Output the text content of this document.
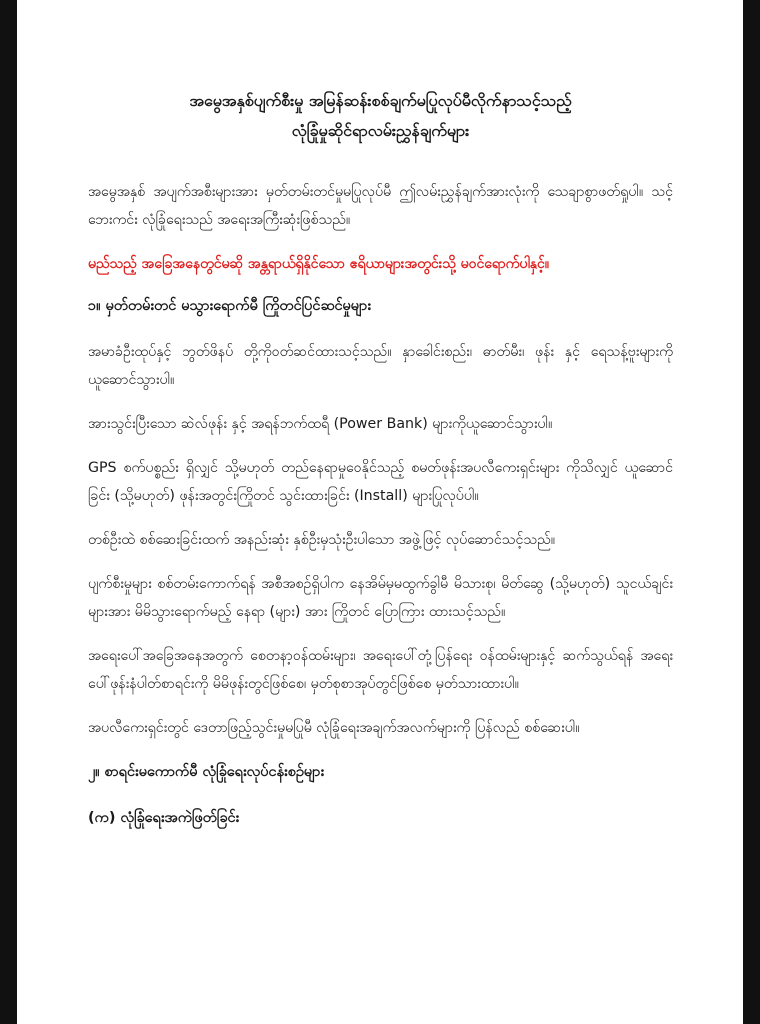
အမွေအနှစ်ပျက်စီးမှု အမြန်ဆန်းစစ်ချက်မပြုလုပ်မီလိုက်နာသင့်သည့်
လုံခြုံမှုဆိုင်ရာလမ်းညွှန်ချက်များ

အမွေအနှစ် အပျက်အစီးများအား မှတ်တမ်းတင်မှုမပြုလုပ်မီ ဤလမ်းညွှန်ချက်အားလုံးကို သေချာစွာဖတ်ရှုပါ။ သင့်ဘေးကင်း လုံခြုံရေးသည် အရေးအကြီးဆုံးဖြစ်သည်။

မည်သည့် အခြေအနေတွင်မဆို အန္တရာယ်ရှိနိုင်သော ဧရိယာများအတွင်းသို့ မဝင်ရောက်ပါနှင့်။

၁။ မှတ်တမ်းတင် မသွားရောက်မီ ကြိုတင်ပြင်ဆင်မှုများ

အမာခံဦးထုပ်နှင့် ဘွတ်ဖိနပ် တို့ကိုဝတ်ဆင်ထားသင့်သည်။ နှာခေါင်းစည်း၊ ဓာတ်မီး၊ ဖုန်း နှင့် ရေသန့်ဗူးများကို ယူဆောင်သွားပါ။

အားသွင်းပြီးသော ဆဲလ်ဖုန်း နှင့် အရန်ဘက်ထရီ (Power Bank) များကိုယူဆောင်သွားပါ။

GPS စက်ပစ္စည်း ရှိလျှင် သို့မဟုတ် တည်နေရာမှုဝေနိုင်သည့် စမတ်ဖုန်းအပလီကေးရှင်းများ ကိုသိလျှင် ယူဆောင်ခြင်း (သို့မဟုတ်) ဖုန်းအတွင်းကြိုတင် သွင်းထားခြင်း (Install) များပြုလုပ်ပါ။

တစ်ဦးထဲ စစ်ဆေးခြင်းထက် အနည်းဆုံး နှစ်ဦးမှသုံးဦးပါသော အဖွဲ့ဖြင့် လုပ်ဆောင်သင့်သည်။

ပျက်စီးမှုများ စစ်တမ်းကောက်ရန် အစီအစဉ်ရှိပါက နေအိမ်မှမထွက်ခွါမီ မိသားစု၊ မိတ်ဆွေ (သို့မဟုတ်) သူငယ်ချင်းများအား မိမိသွားရောက်မည့် နေရာ (များ) အား ကြိုတင် ပြောကြား ထားသင့်သည်။

အရေးပေါ်အခြေအနေအတွက် စေတနာ့ဝန်ထမ်းများ၊ အရေးပေါ်တုံ့ပြန်ရေး ဝန်ထမ်းများနှင့် ဆက်သွယ်ရန် အရေးပေါ်ဖုန်းနံပါတ်စာရင်းကို မိမိဖုန်းတွင်ဖြစ်စေ၊ မှတ်စုစာအုပ်တွင်ဖြစ်စေ မှတ်သားထားပါ။

အပလီကေးရှင်းတွင် ဒေတာဖြည့်သွင်းမှုမပြုမီ လုံခြုံရေးအချက်အလက်များကို ပြန်လည် စစ်ဆေးပါ။

၂။ စာရင်းမကောက်မီ လုံခြုံရေးလုပ်ငန်းစဉ်များ

(က) လုံခြုံရေးအကဲဖြတ်ခြင်း
